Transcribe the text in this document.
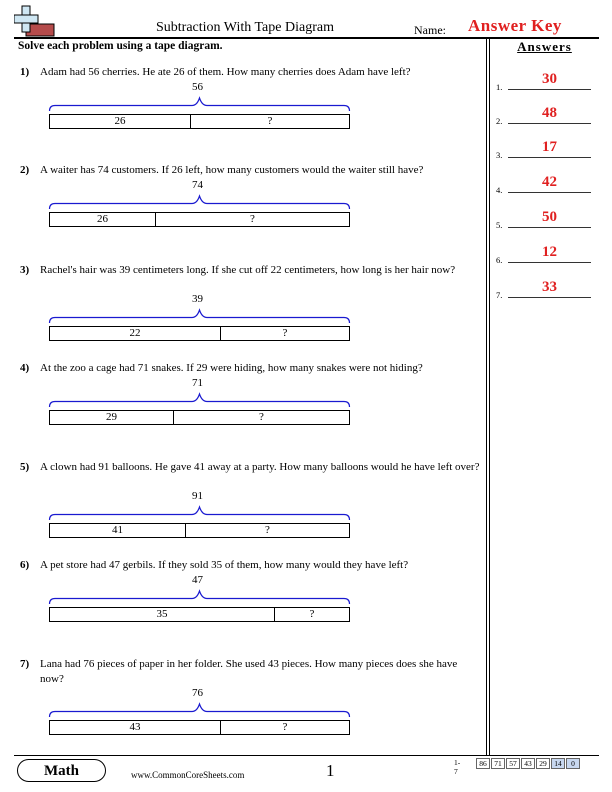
Subtraction With Tape Diagram	Name: Answer Key
Solve each problem using a tape diagram.	Answers
1.	30
2.	48
3.	17
4.	42
5.	50
6.	12
7.	33
1) Adam had 56 cherries. He ate 26 of them. How many cherries does Adam have left?
56
26	?
2) A waiter has 74 customers. If 26 left, how many customers would the waiter still have?
74
26	?
3) Rachel's hair was 39 centimeters long. If she cut off 22 centimeters, how long is her hair now?
39
22	?
4) At the zoo a cage had 71 snakes. If 29 were hiding, how many snakes were not hiding?
71
29	?
5) A clown had 91 balloons. He gave 41 away at a party. How many balloons would he have left over?
91
41	?
6) A pet store had 47 gerbils. If they sold 35 of them, how many would they have left?
47
35	?
7) Lana had 76 pieces of paper in her folder. She used 43 pieces. How many pieces does she have now?
76
43	?
Math	www.CommonCoreSheets.com	1	1-7
86	71	57	43	29	14	0
